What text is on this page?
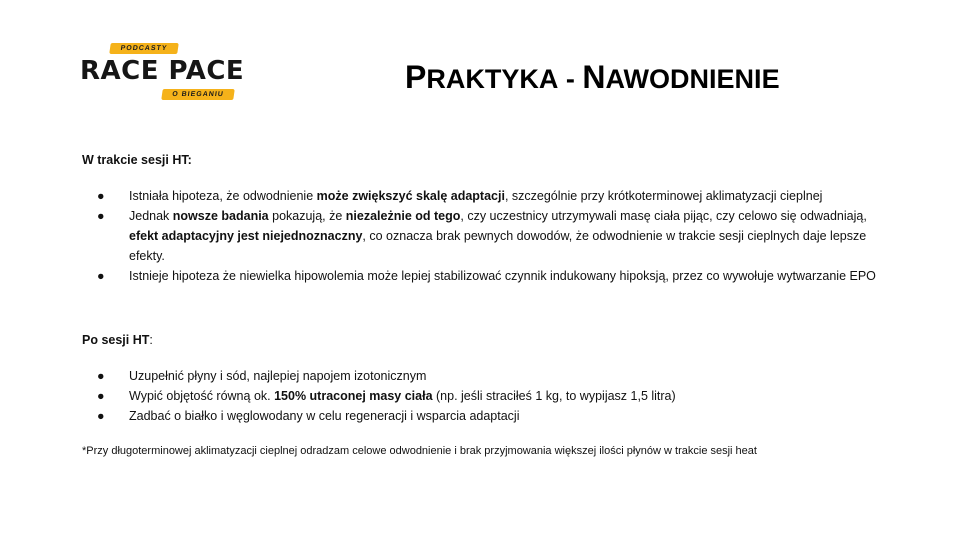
PODCASTY
RACE PACE
O BIEGANIU	PRAKTYKA - NAWODNIENIE

W trakcie sesji HT:

● Istniała hipoteza, że odwodnienie może zwiększyć skalę adaptacji, szczególnie przy krótkoterminowej aklimatyzacji cieplnej
● Jednak nowsze badania pokazują, że niezależnie od tego, czy uczestnicy utrzymywali masę ciała pijąc, czy celowo się odwadniają, efekt adaptacyjny jest niejednoznaczny, co oznacza brak pewnych dowodów, że odwodnienie w trakcie sesji cieplnych daje lepsze efekty.
● Istnieje hipoteza że niewielka hipowolemia może lepiej stabilizować czynnik indukowany hipoksją, przez co wywołuje wytwarzanie EPO

Po sesji HT:

● Uzupełnić płyny i sód, najlepiej napojem izotonicznym
● Wypić objętość równą ok. 150% utraconej masy ciała (np. jeśli straciłeś 1 kg, to wypijasz 1,5 litra)
● Zadbać o białko i węglowodany w celu regeneracji i wsparcia adaptacji

*Przy długoterminowej aklimatyzacji cieplnej odradzam celowe odwodnienie i brak przyjmowania większej ilości płynów w trakcie sesji heat
